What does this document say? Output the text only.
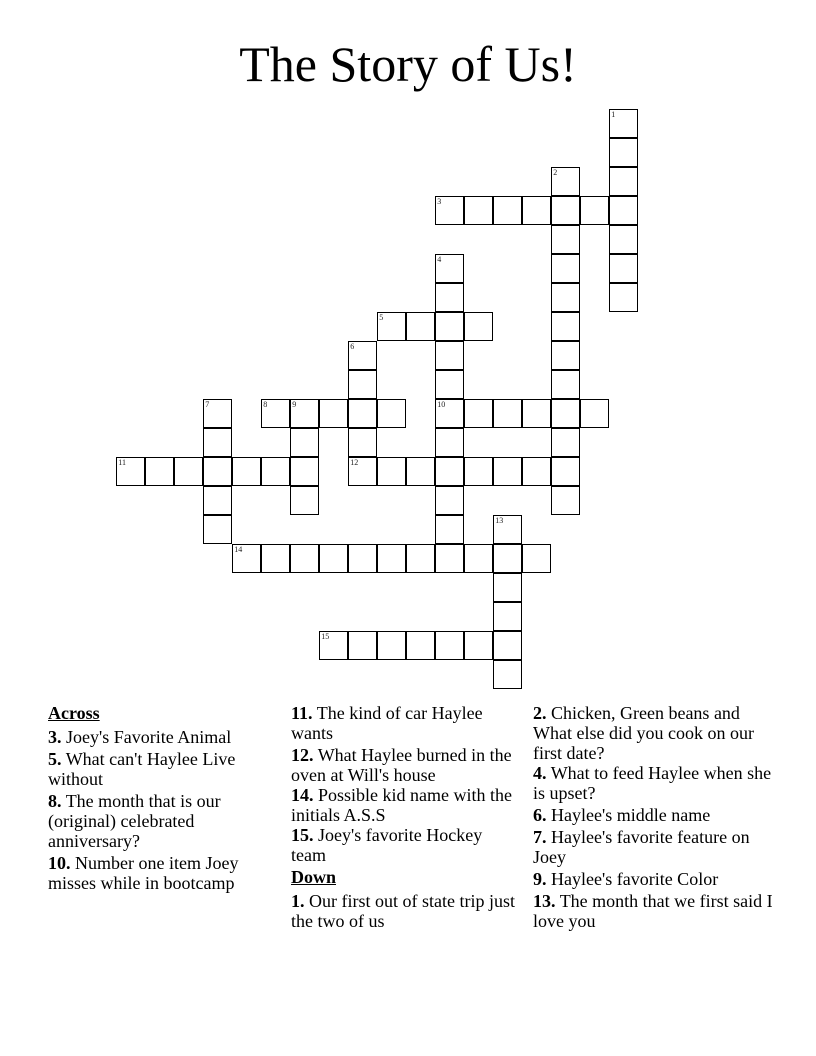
The Story of Us!
1
2
3
4
10
5
6
12
7	8	9
11
13
14
15
Across
3. Joey's Favorite Animal
5. What can't Haylee Live without
8. The month that is our (original) celebrated anniversary?
10. Number one item Joey misses while in bootcamp
11. The kind of car Haylee wants
12. What Haylee burned in the oven at Will's house
14. Possible kid name with the initials A.S.S
15. Joey's favorite Hockey team
Down
1. Our first out of state trip just the two of us
2. Chicken, Green beans and What else did you cook on our first date?
4. What to feed Haylee when she is upset?
6. Haylee's middle name
7. Haylee's favorite feature on Joey
9. Haylee's favorite Color
13. The month that we first said I love you
